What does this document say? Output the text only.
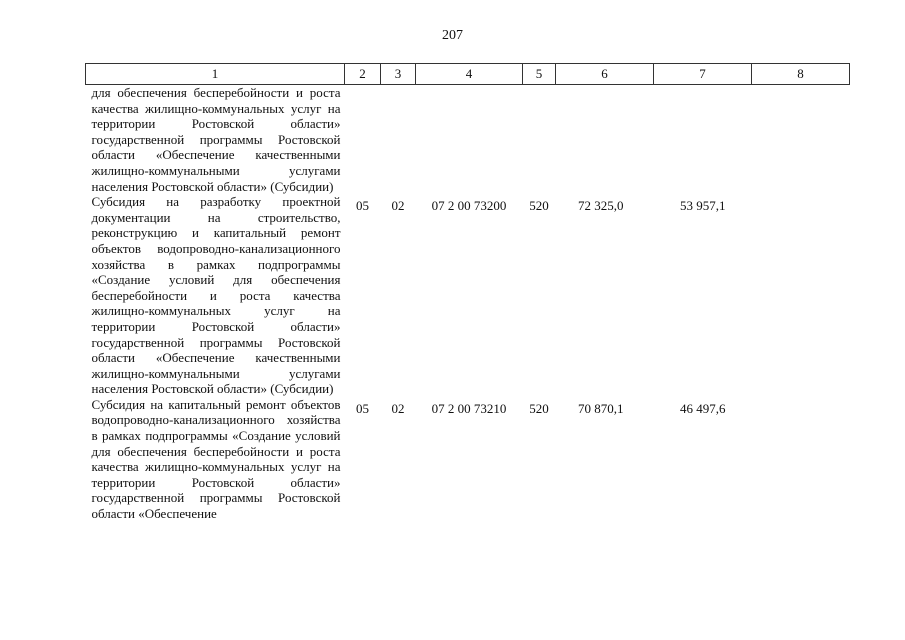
207
1	2	3	4	5	6	7	8
для обеспечения бесперебойности и роста качества жилищно-коммунальных услуг на территории Ростовской области» государственной программы Ростовской области «Обеспечение качественными жилищно-коммунальными услугами населения Ростовской области» (Субсидии)							
Субсидия на разработку проектной документации на строительство, реконструкцию и капитальный ремонт объектов водопроводно-канализационного хозяйства в рамках подпрограммы «Создание условий для обеспечения бесперебойности и роста качества жилищно-коммунальных услуг на территории Ростовской области» государственной программы Ростовской области «Обеспечение качественными жилищно-коммунальными услугами населения Ростовской области» (Субсидии)	05	02	07 2 00 73200	520	72 325,0	53 957,1	
Субсидия на капитальный ремонт объектов водопроводно-канализационного хозяйства в рамках подпрограммы «Создание условий для обеспечения бесперебойности и роста качества жилищно-коммунальных услуг на территории Ростовской области» государственной программы Ростовской области «Обеспечение	05	02	07 2 00 73210	520	70 870,1	46 497,6	
